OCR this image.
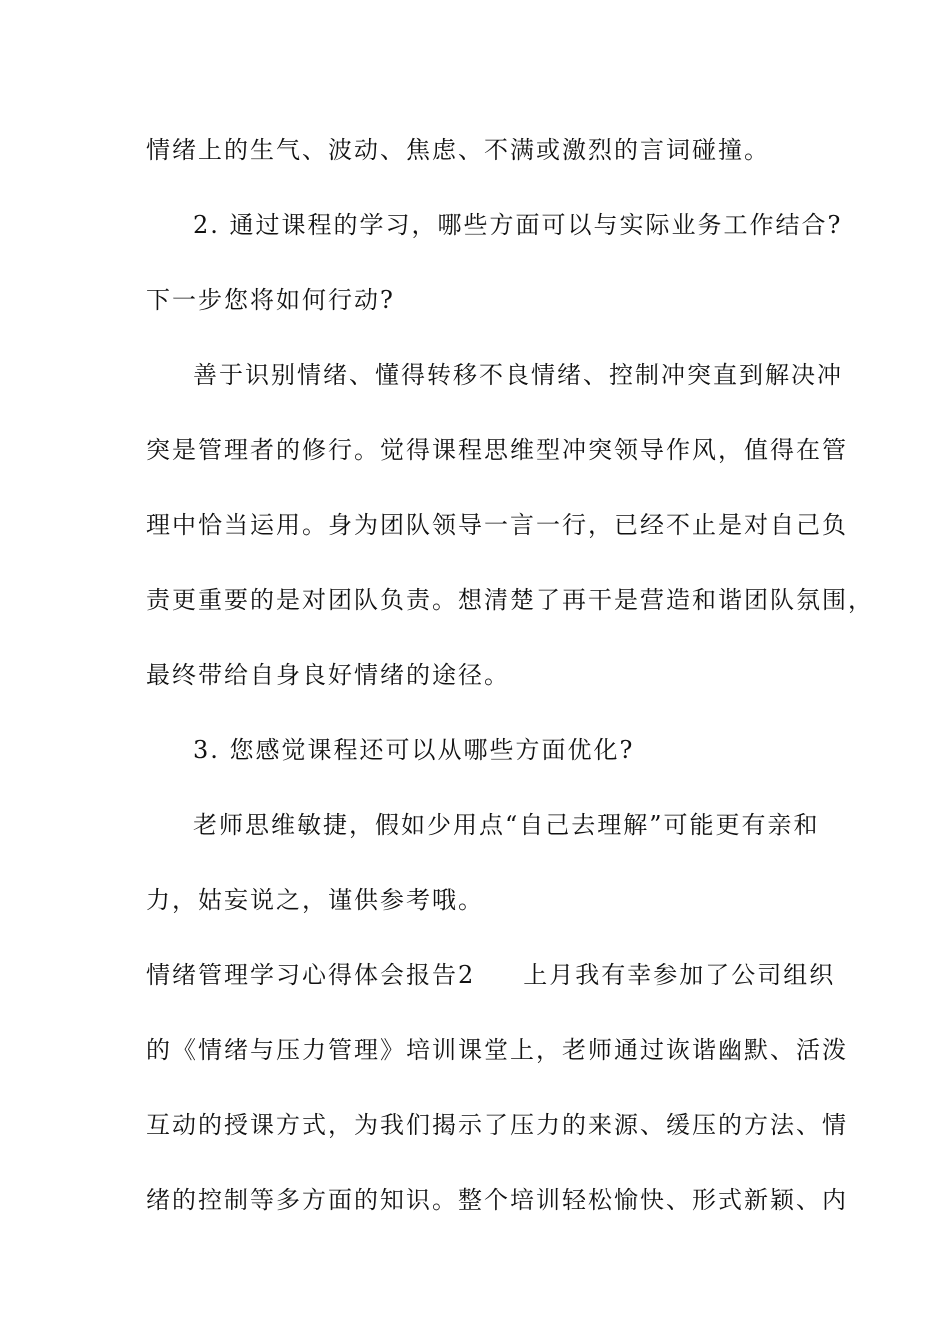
情绪上的生气、波动、焦虑、不满或激烈的言词碰撞。
2. 通过课程的学习，哪些方面可以与实际业务工作结合?
下一步您将如何行动?
善于识别情绪、懂得转移不良情绪、控制冲突直到解决冲
突是管理者的修行。觉得课程思维型冲突领导作风，值得在管
理中恰当运用。身为团队领导一言一行，已经不止是对自己负
责更重要的是对团队负责。想清楚了再干是营造和谐团队氛围，
最终带给自身良好情绪的途径。
3. 您感觉课程还可以从哪些方面优化?
老师思维敏捷，假如少用点“自己去理解”可能更有亲和
力，姑妄说之，谨供参考哦。
情绪管理学习心得体会报告2 上月我有幸参加了公司组织
的《情绪与压力管理》培训课堂上，老师通过诙谐幽默、活泼
互动的授课方式，为我们揭示了压力的来源、缓压的方法、情
绪的控制等多方面的知识。整个培训轻松愉快、形式新颖、内
